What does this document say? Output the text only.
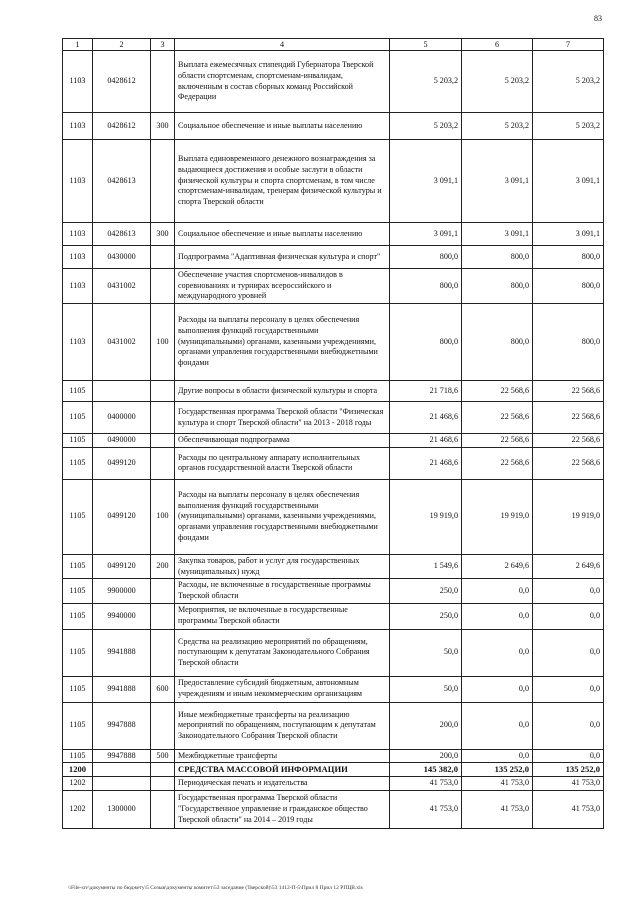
83
1	2	3	4	5	6	7
1103	0428612		Выплата ежемесячных стипендий Губернатора Тверской области спортсменам, спортсменам-инвалидам, включенным в состав сборных команд Российской Федерации	5 203,2	5 203,2	5 203,2
1103	0428612	300	Социальное обеспечение и иные выплаты населению	5 203,2	5 203,2	5 203,2
1103	0428613		Выплата единовременного денежного вознаграждения за выдающиеся достижения и особые заслуги в области физической культуры и спорта спортсменам, в том числе спортсменам-инвалидам, тренерам физической культуры и спорта Тверской области	3 091,1	3 091,1	3 091,1
1103	0428613	300	Социальное обеспечение и иные выплаты населению	3 091,1	3 091,1	3 091,1
1103	0430000		Подпрограмма "Адаптивная физическая культура и спорт"	800,0	800,0	800,0
1103	0431002		Обеспечение участия спортсменов-инвалидов в соревнованиях и турнирах всероссийского и международного уровней	800,0	800,0	800,0
1103	0431002	100	Расходы на выплаты персоналу в целях обеспечения выполнения функций государственными (муниципальными) органами, казенными учреждениями, органами управления государственными внебюджетными фондами	800,0	800,0	800,0
1105			Другие вопросы в области физической культуры и спорта	21 718,6	22 568,6	22 568,6
1105	0400000		Государственная программа Тверской области "Физическая культура и спорт Тверской области" на 2013 - 2018 годы	21 468,6	22 568,6	22 568,6
1105	0490000		Обеспечивающая подпрограмма	21 468,6	22 568,6	22 568,6
1105	0499120		Расходы по центральному аппарату исполнительных органов государственной власти Тверской области	21 468,6	22 568,6	22 568,6
1105	0499120	100	Расходы на выплаты персоналу в целях обеспечения выполнения функций государственными (муниципальными) органами, казенными учреждениями, органами управления государственными внебюджетными фондами	19 919,0	19 919,0	19 919,0
1105	0499120	200	Закупка товаров, работ и услуг для государственных (муниципальных) нужд	1 549,6	2 649,6	2 649,6
1105	9900000		Расходы, не включенные в государственные программы Тверской области	250,0	0,0	0,0
1105	9940000		Мероприятия, не включенные в государственные программы Тверской области	250,0	0,0	0,0
1105	9941888		Средства на реализацию мероприятий по обращениям, поступающим к депутатам Законодательного Собрания Тверской области	50,0	0,0	0,0
1105	9941888	600	Предоставление субсидий бюджетным, автономным учреждениям и иным некоммерческим организациям	50,0	0,0	0,0
1105	9947888		Иные межбюджетные трансферты на реализацию мероприятий по обращениям, поступающим к депутатам Законодательного Собрания Тверской области	200,0	0,0	0,0
1105	9947888	500	Межбюджетные трансферты	200,0	0,0	0,0
1200			СРЕДСТВА МАССОВОЙ ИНФОРМАЦИИ	145 382,0	135 252,0	135 252,0
1202			Периодическая печать и издательства	41 753,0	41 753,0	41 753,0
1202	1300000		Государственная программа Тверской области "Государственное управление и гражданское общество Тверской области" на 2014 – 2019 годы	41 753,0	41 753,0	41 753,0
\\File-srv\документы по бюджету\5 Созыв\документы комитет\53 заседание (Тверской)\53 1412-П-5\Прил 8 Прил 12 РПЦВ.xls
